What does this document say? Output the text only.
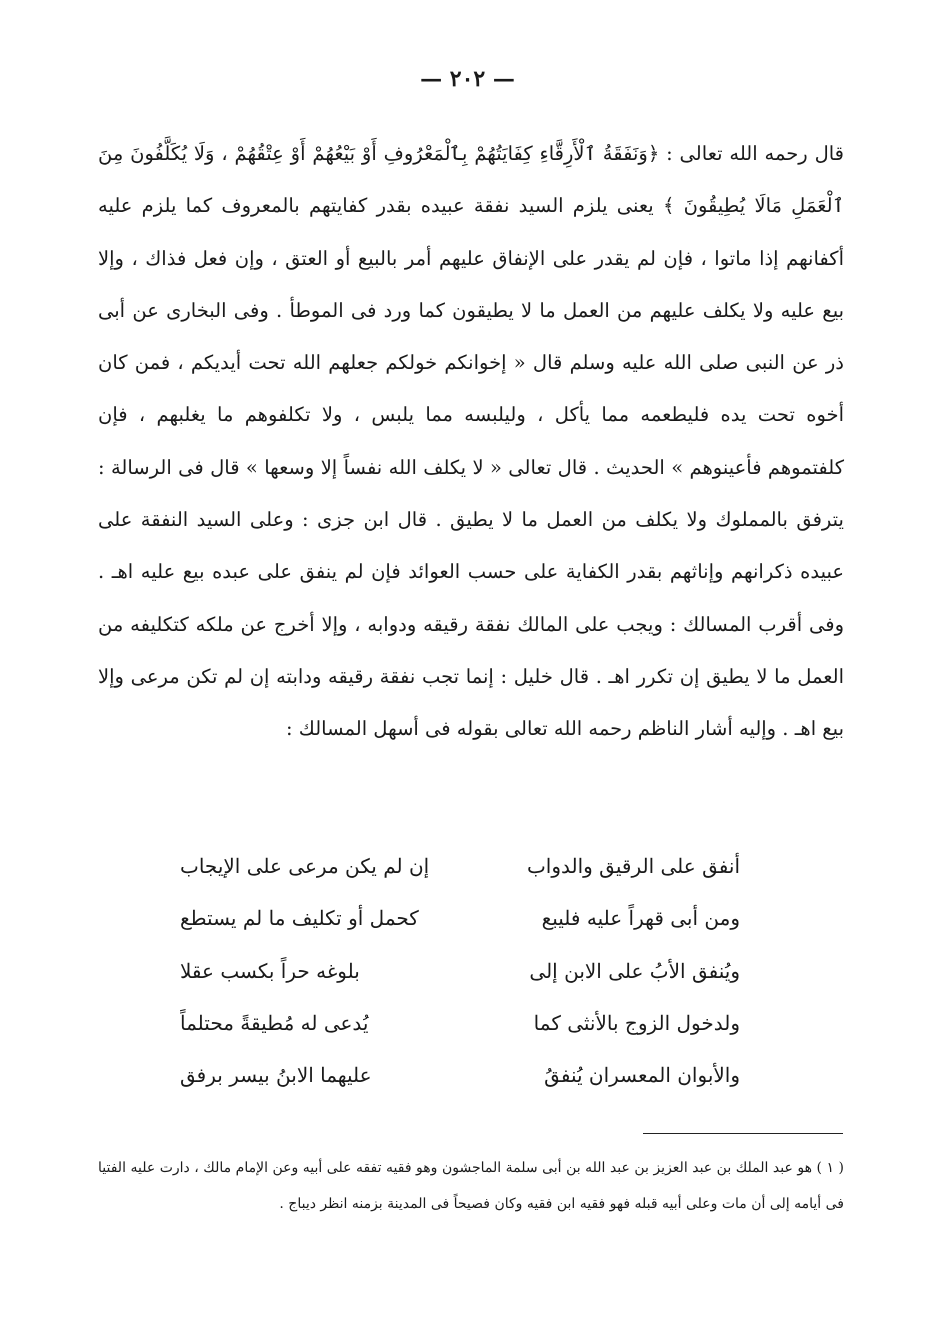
— ٢٠٢ —
قال رحمه الله تعالى : ﴿وَنَفَقَةُ ٱلْأَرِقَّاءِ كِفَايَتُهُمْ بِٱلْمَعْرُوفِ أَوْ بَيْعُهُمْ أَوْ عِتْقُهُمْ ، وَلَا يُكَلَّفُونَ مِنَ ٱلْعَمَلِ مَالَا يُطِيقُونَ ﴾ يعنى يلزم السيد نفقة عبيده بقدر كفايتهم بالمعروف كما يلزم عليه أكفانهم إذا ماتوا ، فإن لم يقدر على الإنفاق عليهم أمر بالبيع أو العتق ، وإن فعل فذاك ، وإلا بيع عليه ولا يكلف عليهم من العمل ما لا يطيقون كما ورد فى الموطأ . وفى البخارى عن أبى ذر عن النبى صلى الله عليه وسلم قال « إخوانكم خولكم جعلهم الله تحت أيديكم ، فمن كان أخوه تحت يده فليطعمه مما يأكل ، وليلبسه مما يلبس ، ولا تكلفوهم ما يغلبهم ، فإن كلفتموهم فأعينوهم » الحديث . قال تعالى « لا يكلف الله نفساً إلا وسعها » قال فى الرسالة : يترفق بالمملوك ولا يكلف من العمل ما لا يطيق . قال ابن جزى : وعلى السيد النفقة على عبيده ذكرانهم وإناثهم بقدر الكفاية على حسب العوائد فإن لم ينفق على عبده بيع عليه اهـ . وفى أقرب المسالك : ويجب على المالك نفقة رقيقه ودوابه ، وإلا أخرج عن ملكه كتكليفه من العمل ما لا يطيق إن تكرر اهـ . قال خليل : إنما تجب نفقة رقيقه ودابته إن لم تكن مرعى وإلا بيع اهـ . وإليه أشار الناظم رحمه الله تعالى بقوله فى أسهل المسالك :
أنفق على الرقيق والدواب
إن لم يكن مرعى على الإيجاب
ومن أبى قهراً عليه فليبع
كحمل أو تكليف ما لم يستطع
ويُنفق الأبُ على الابن إلى
بلوغه حراً بكسب عقلا
ولدخول الزوج بالأنثى كما
يُدعى له مُطيقةً محتلماً
والأبوان المعسران يُنفقُ
عليهما الابنُ بيسر برفق
( ١ ) هو عبد الملك بن عبد العزيز بن عبد الله بن أبى سلمة الماجشون وهو فقيه تفقه على أبيه وعن الإمام مالك ، دارت عليه الفتيا فى أيامه إلى أن مات وعلى أبيه قبله فهو فقيه ابن فقيه وكان فصيحاً فى المدينة بزمنه انظر ديباج .
